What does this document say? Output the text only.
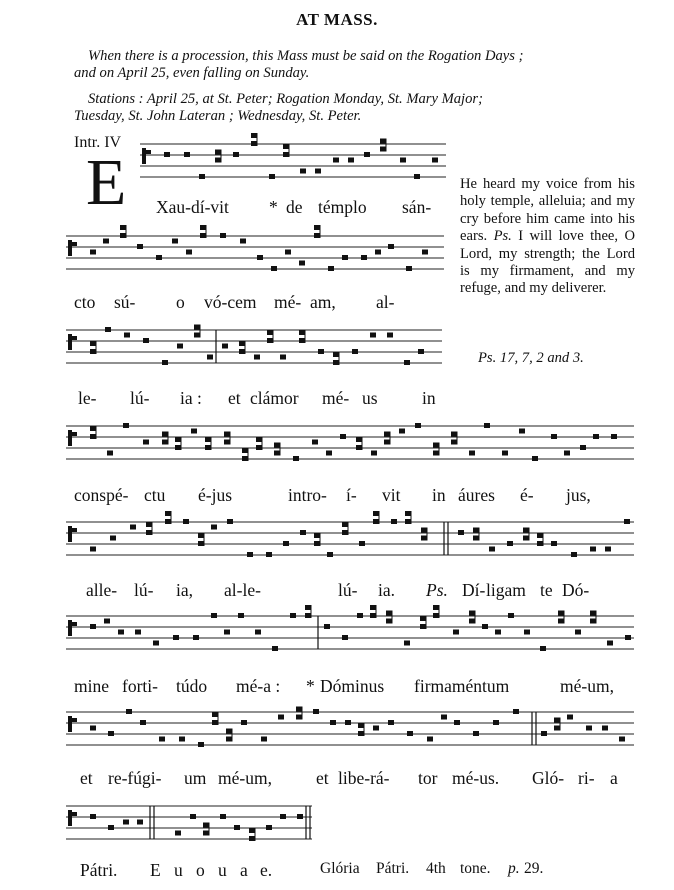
AT MASS.
When there is a procession, this Mass must be said on the Rogation Days ;
and on April 25, even falling on Sunday.
Stations : April 25, at St. Peter; Rogation Monday, St. Mary Major;
Tuesday, St. John Lateran ; Wednesday, St. Peter.
Intr. IV
E	He heard my voice from his holy temple, alleluia; and my cry before him came into his ears. Ps. I will love thee, O Lord, my strength; the Lord is my firmament, and my refuge, and my deliverer.
Ps. 17, 7, 2 and 3.
Xau-dí-vit * de témplo sán-
cto sú- o vó-cem mé- am, al-
le- lú- ia : et clámor mé- us	in
conspé- ctu é-jus	intro- í- vit in áures é- jus,
alle- lú- ia, al-le-	lú- ia. Ps. Dí- ligam te Dó-
mine forti- túdo mé-a : * Dóminus firmaméntum	mé-um,
et re-fúgi- um mé-um,	et libe-rá- tor mé-us. Gló- ri- a
Pátri. E u o u a e.	Glória Pátri. 4th tone. p. 29.
